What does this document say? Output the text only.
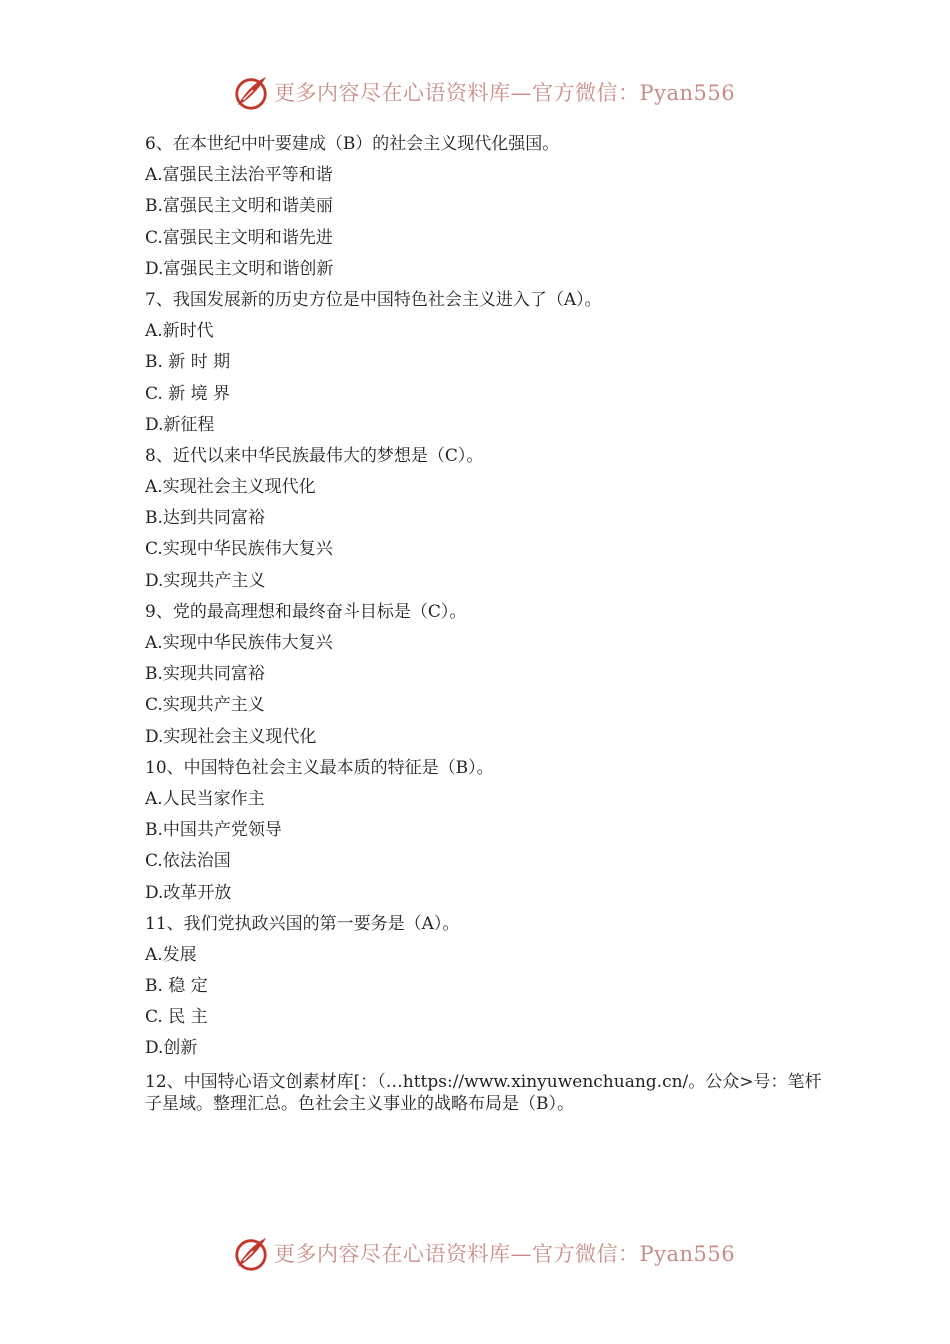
更多内容尽在心语资料库—官方微信：Pyan556
6、在本世纪中叶要建成（B）的社会主义现代化强国。
A.富强民主法治平等和谐
B.富强民主文明和谐美丽
C.富强民主文明和谐先进
D.富强民主文明和谐创新
7、我国发展新的历史方位是中国特色社会主义进入了（A）。
A.新时代
B. 新 时 期
C. 新 境 界
D.新征程
8、近代以来中华民族最伟大的梦想是（C）。
A.实现社会主义现代化
B.达到共同富裕
C.实现中华民族伟大复兴
D.实现共产主义
9、党的最高理想和最终奋斗目标是（C）。
A.实现中华民族伟大复兴
B.实现共同富裕
C.实现共产主义
D.实现社会主义现代化
10、中国特色社会主义最本质的特征是（B）。
A.人民当家作主
B.中国共产党领导
C.依法治国
D.改革开放
11、我们党执政兴国的第一要务是（A）。
A.发展
B. 稳 定
C. 民 主
D.创新
12、中国特心语文创素材库[：（…https://www.xinyuwenchuang.cn/。公众>号：笔杆子星域。整理汇总。色社会主义事业的战略布局是（B）。
更多内容尽在心语资料库—官方微信：Pyan556
